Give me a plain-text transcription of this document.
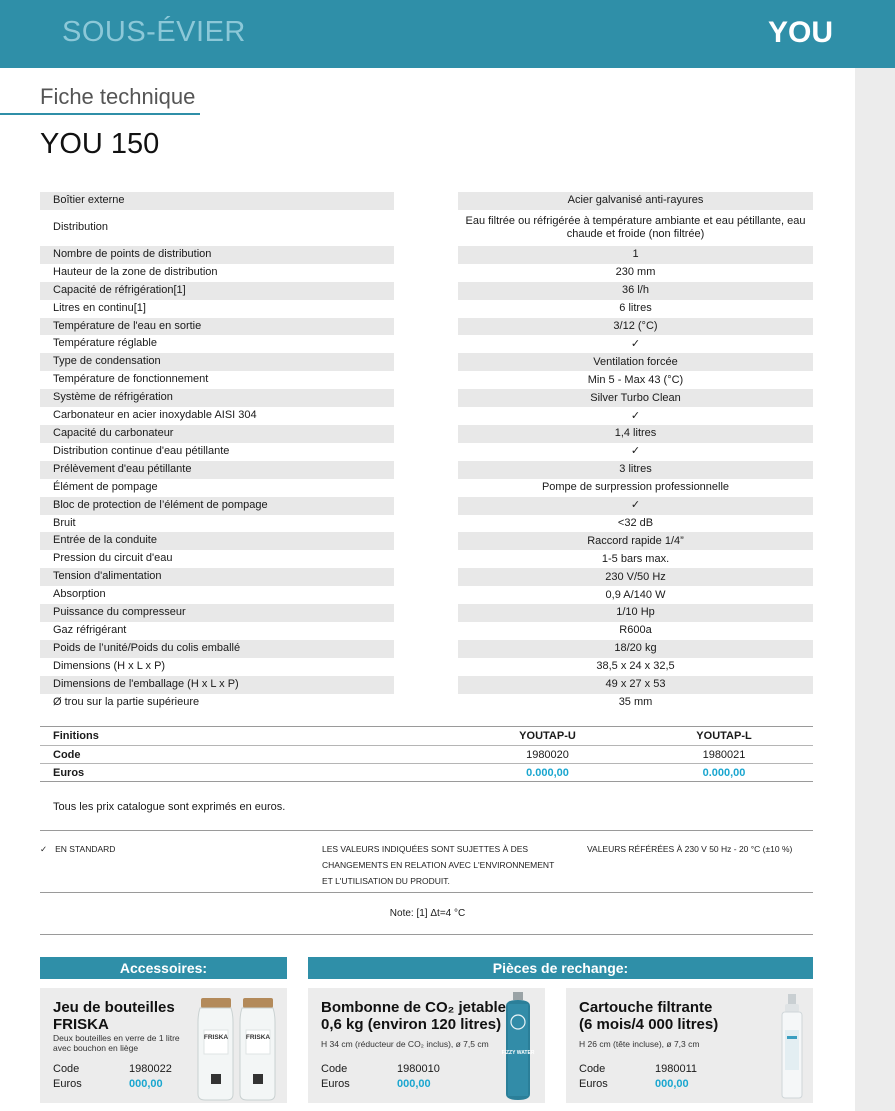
SOUS-ÉVIER	YOU
Fiche technique
YOU 150
Boîtier externe	Acier galvanisé anti-rayures
Distribution
Eau filtrée ou réfrigérée à température ambiante et eau pétillante, eau chaude et froide (non filtrée)
Nombre de points de distribution	1
Hauteur de la zone de distribution	230 mm
Capacité de réfrigération[1]	36 l/h
Litres en continu[1]	6 litres
Température de l'eau en sortie	3/12 (°C)
Température réglable	✓
Type de condensation	Ventilation forcée
Température de fonctionnement	Min 5 - Max 43 (°C)
Système de réfrigération	Silver Turbo Clean
Carbonateur en acier inoxydable AISI 304	✓
Capacité du carbonateur	1,4 litres
Distribution continue d'eau pétillante	✓
Prélèvement d'eau pétillante	3 litres
Élément de pompage	Pompe de surpression professionnelle
Bloc de protection de l’élément de pompage	✓
Bruit	<32 dB
Entrée de la conduite	Raccord rapide 1/4”
Pression du circuit d'eau	1-5 bars max.
Tension d'alimentation	230 V/50 Hz
Absorption	0,9 A/140 W
Puissance du compresseur	1/10 Hp
Gaz réfrigérant	R600a
Poids de l’unité/Poids du colis emballé	18/20 kg
Dimensions (H x L x P)	38,5 x 24 x 32,5
Dimensions de l'emballage (H x L x P)	49 x 27 x 53
Ø trou sur la partie supérieure	35 mm
Finitions	YOUTAP-U	YOUTAP-L
Code	1980020	1980021
Euros	0.000,00	0.000,00
Tous les prix catalogue sont exprimés en euros.
✓ EN STANDARD	LES VALEURS INDIQUÉES SONT SUJETTES À DES
CHANGEMENTS EN RELATION AVEC L'ENVIRONNEMENT
ET L'UTILISATION DU PRODUIT.
VALEURS RÉFÉRÉES À 230 V 50 Hz - 20 °C (±10 %)
Note: [1] Δt=4 °C
Accessoires:	Pièces de rechange:
Jeu de bouteilles
FRISKA
Deux bouteilles en verre de 1 litre
avec bouchon en liège
Code	1980022
Euros	000,00
FRISKA	FRISKA
Bombonne de CO₂ jetable
0,6 kg (environ 120 litres)
H 34 cm (réducteur de CO₂ inclus), ø 7,5 cm
Code	1980010
Euros	000,00
FIZZY WATER
Cartouche filtrante
(6 mois/4 000 litres)
H 26 cm (tête incluse), ø 7,3 cm
Code	1980011
Euros	000,00
